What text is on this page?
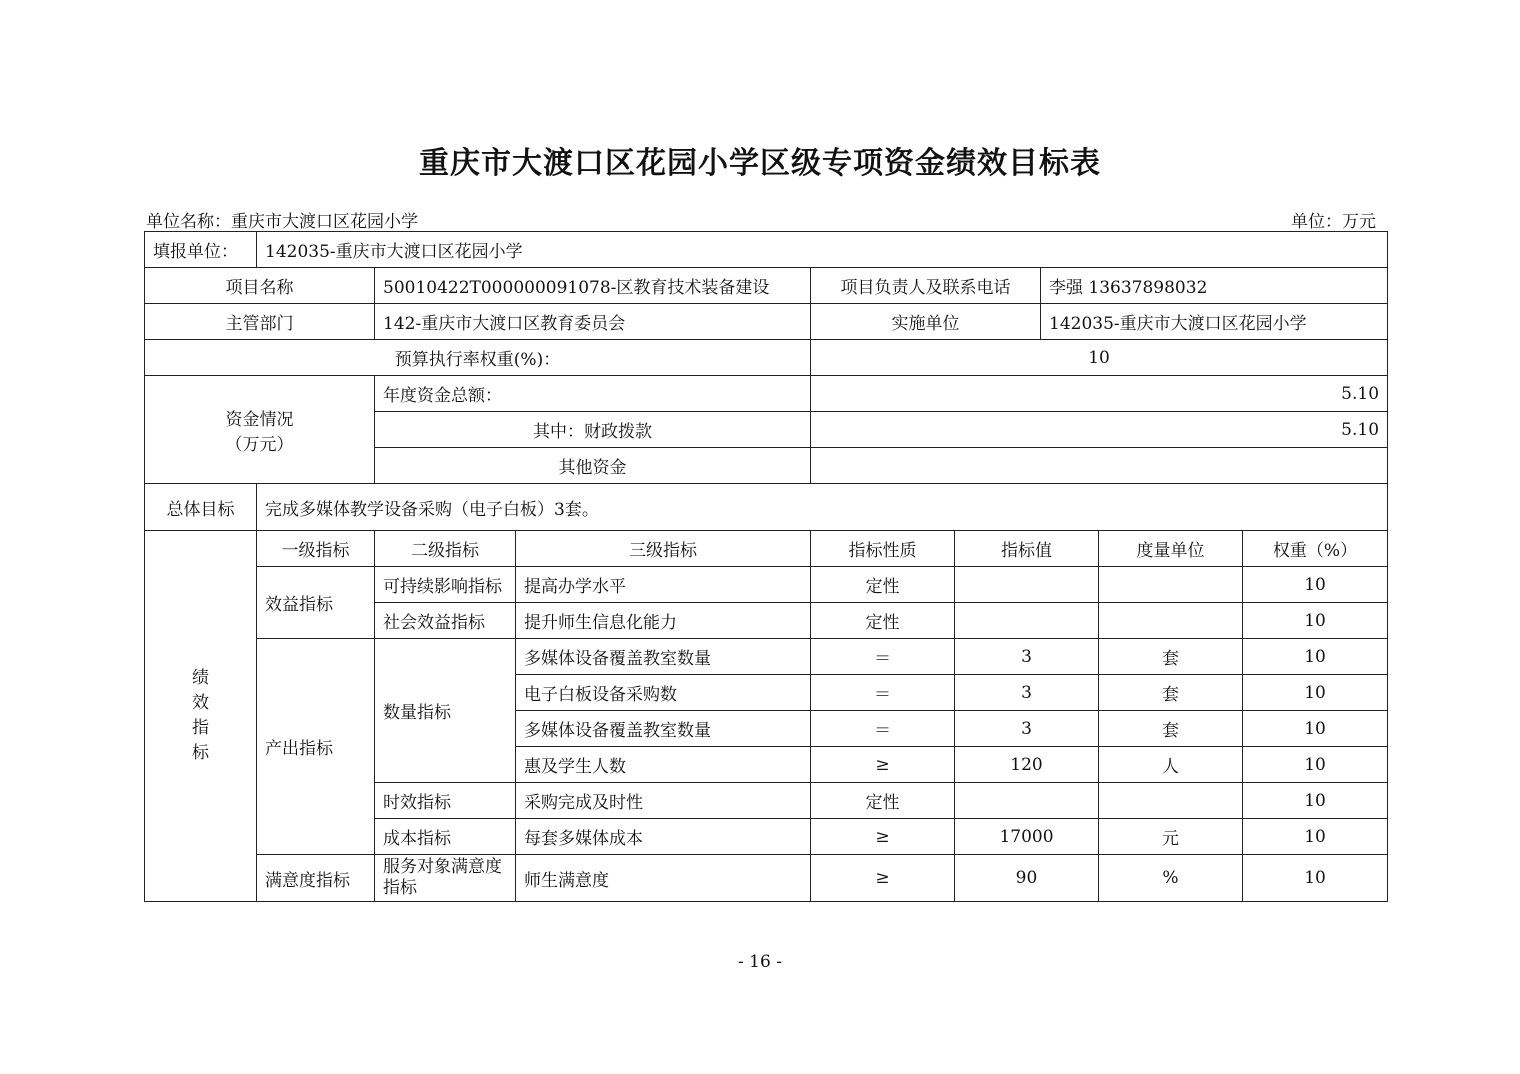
重庆市大渡口区花园小学区级专项资金绩效目标表
单位名称：重庆市大渡口区花园小学	单位：万元
填报单位：	142035-重庆市大渡口区花园小学							
项目名称		50010422T000000091078-区教育技术装备建设		项目负责人及联系电话		李强 13637898032		
主管部门		142-重庆市大渡口区教育委员会		实施单位		142035-重庆市大渡口区花园小学		
预算执行率权重(%)：				10				

资金情况
（万元）		年度资金总额：		5.10				
		其中：财政拨款		5.10				
		其他资金						
总体目标	完成多媒体教学设备采购（电子白板）3套。							

绩效指标	一级指标	二级指标	三级指标	指标性质	指标值		度量单位	权重（%）
	效益指标	可持续影响指标	提高办学水平	定性				10
		社会效益指标	提升师生信息化能力	定性				10
	产出指标	数量指标	多媒体设备覆盖教室数量	＝	3		套	10
			电子白板设备采购数	＝	3		套	10
			多媒体设备覆盖教室数量	＝	3		套	10
			惠及学生人数	≥	120		人	10
		时效指标	采购完成及时性	定性				10
		成本指标	每套多媒体成本	≥	17000		元	10
	满意度指标	服务对象满意度指标	师生满意度	≥	90		%	10
- 16 -
